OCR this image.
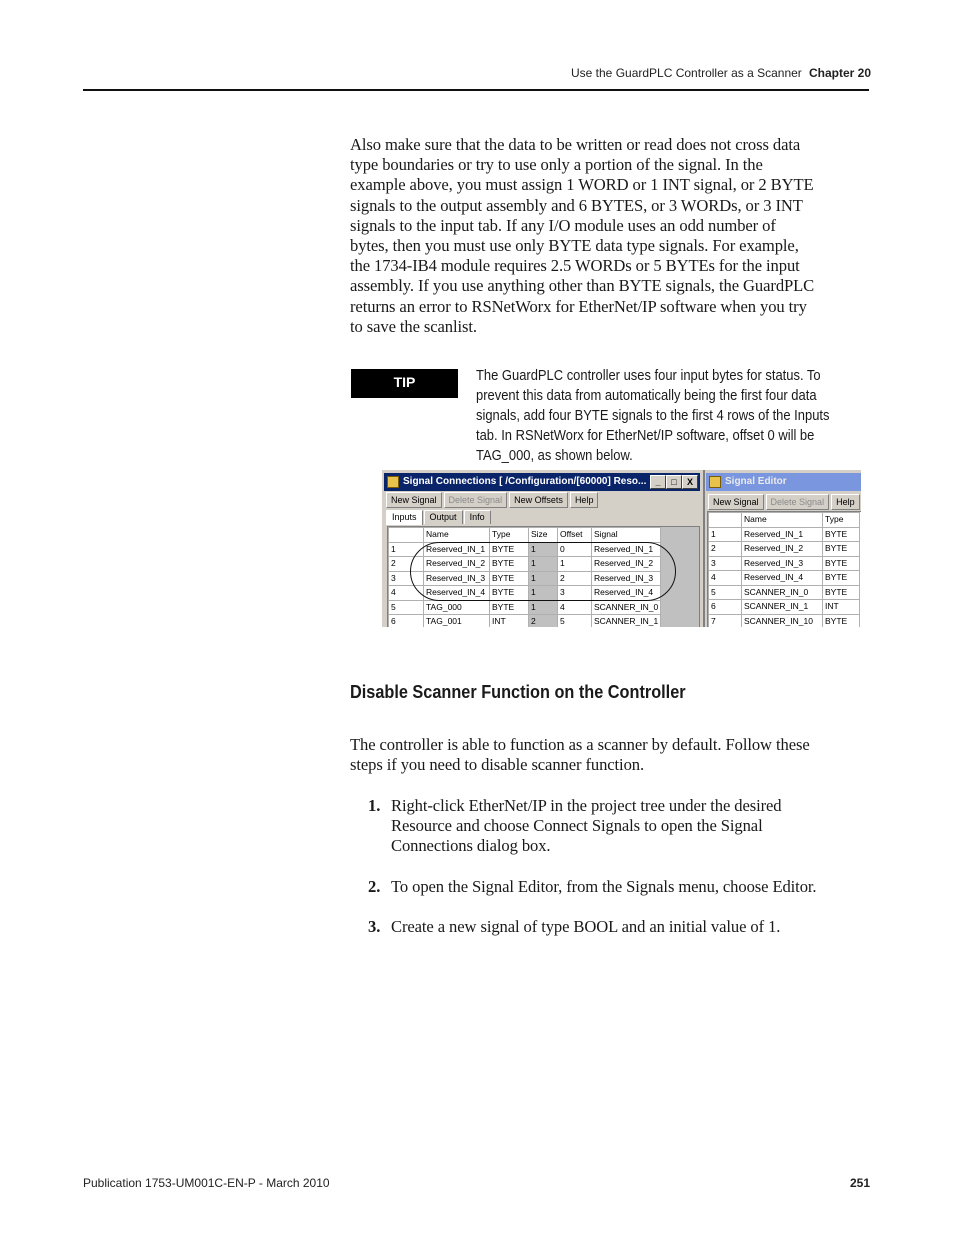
Use the GuardPLC Controller as a Scanner Chapter 20
Also make sure that the data to be written or read does not cross data
type boundaries or try to use only a portion of the signal. In the
example above, you must assign 1 WORD or 1 INT signal, or 2 BYTE
signals to the output assembly and 6 BYTES, or 3 WORDs, or 3 INT
signals to the input tab. If any I/O module uses an odd number of
bytes, then you must use only BYTE data type signals. For example,
the 1734-IB4 module requires 2.5 WORDs or 5 BYTEs for the input
assembly. If you use anything other than BYTE signals, the GuardPLC
returns an error to RSNetWorx for EtherNet/IP software when you try
to save the scanlist.
TIP	The GuardPLC controller uses four input bytes for status. To
prevent this data from automatically being the first four data
signals, add four BYTE signals to the first 4 rows of the Inputs
tab. In RSNetWorx for EtherNet/IP software, offset 0 will be
TAG_000, as shown below.
Signal Connections [ /Configuration/[60000] Reso...	_	□	X
New Signal Delete Signal New Offsets Help
Inputs Output Info
	Name	Type	Size	Offset	Signal
1	Reserved_IN_1	BYTE	1	0	Reserved_IN_1
2	Reserved_IN_2	BYTE	1	1	Reserved_IN_2
3	Reserved_IN_3	BYTE	1	2	Reserved_IN_3
4	Reserved_IN_4	BYTE	1	3	Reserved_IN_4
5	TAG_000	BYTE	1	4	SCANNER_IN_0
6	TAG_001	INT	2	5	SCANNER_IN_1
Signal Editor
New Signal Delete Signal Help
	Name	Type
1	Reserved_IN_1	BYTE
2	Reserved_IN_2	BYTE
3	Reserved_IN_3	BYTE
4	Reserved_IN_4	BYTE
5	SCANNER_IN_0	BYTE
6	SCANNER_IN_1	INT
7	SCANNER_IN_10	BYTE
Disable Scanner Function on the Controller
The controller is able to function as a scanner by default. Follow these
steps if you need to disable scanner function.
1. Right-click EtherNet/IP in the project tree under the desired
Resource and choose Connect Signals to open the Signal
Connections dialog box.
2. To open the Signal Editor, from the Signals menu, choose Editor.
3. Create a new signal of type BOOL and an initial value of 1.
Publication 1753-UM001C-EN-P - March 2010	251
